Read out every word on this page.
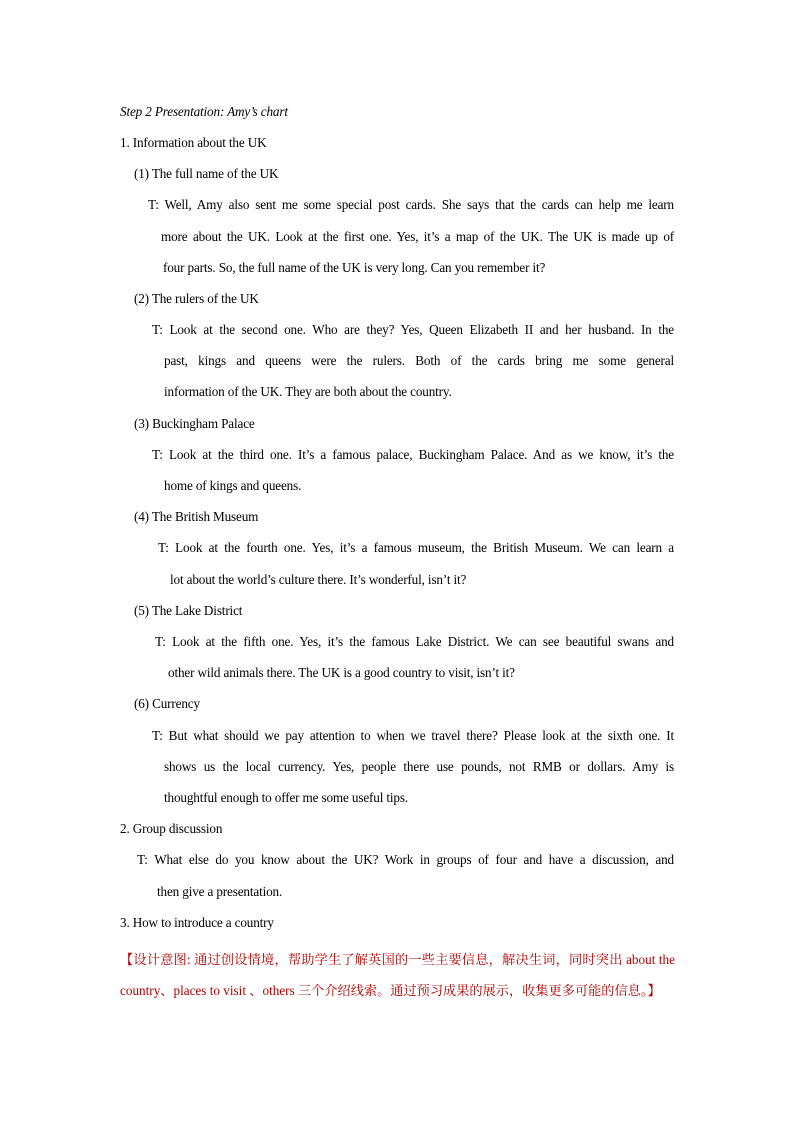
Step 2 Presentation: Amy’s chart
1. Information about the UK
(1) The full name of the UK
T: Well, Amy also sent me some special post cards. She says that the cards can help me learn
more about the UK. Look at the first one. Yes, it’s a map of the UK. The UK is made up of
four parts. So, the full name of the UK is very long. Can you remember it?
(2) The rulers of the UK
T: Look at the second one. Who are they? Yes, Queen Elizabeth II and her husband. In the
past, kings and queens were the rulers. Both of the cards bring me some general
information of the UK. They are both about the country.
(3) Buckingham Palace
T: Look at the third one. It’s a famous palace, Buckingham Palace. And as we know, it’s the
home of kings and queens.
(4) The British Museum
T: Look at the fourth one. Yes, it’s a famous museum, the British Museum. We can learn a
lot about the world’s culture there. It’s wonderful, isn’t it?
(5) The Lake District
T: Look at the fifth one. Yes, it’s the famous Lake District. We can see beautiful swans and
other wild animals there. The UK is a good country to visit, isn’t it?
(6) Currency
T: But what should we pay attention to when we travel there? Please look at the sixth one. It
shows us the local currency. Yes, people there use pounds, not RMB or dollars. Amy is
thoughtful enough to offer me some useful tips.
2. Group discussion
T: What else do you know about the UK? Work in groups of four and have a discussion, and
then give a presentation.
3. How to introduce a country
【设计意图: 通过创设情境，帮助学生了解英国的一些主要信息，解决生词，同时突出 about the country、places to visit 、others 三个介绍线索。通过预习成果的展示，收集更多可能的信息。】
